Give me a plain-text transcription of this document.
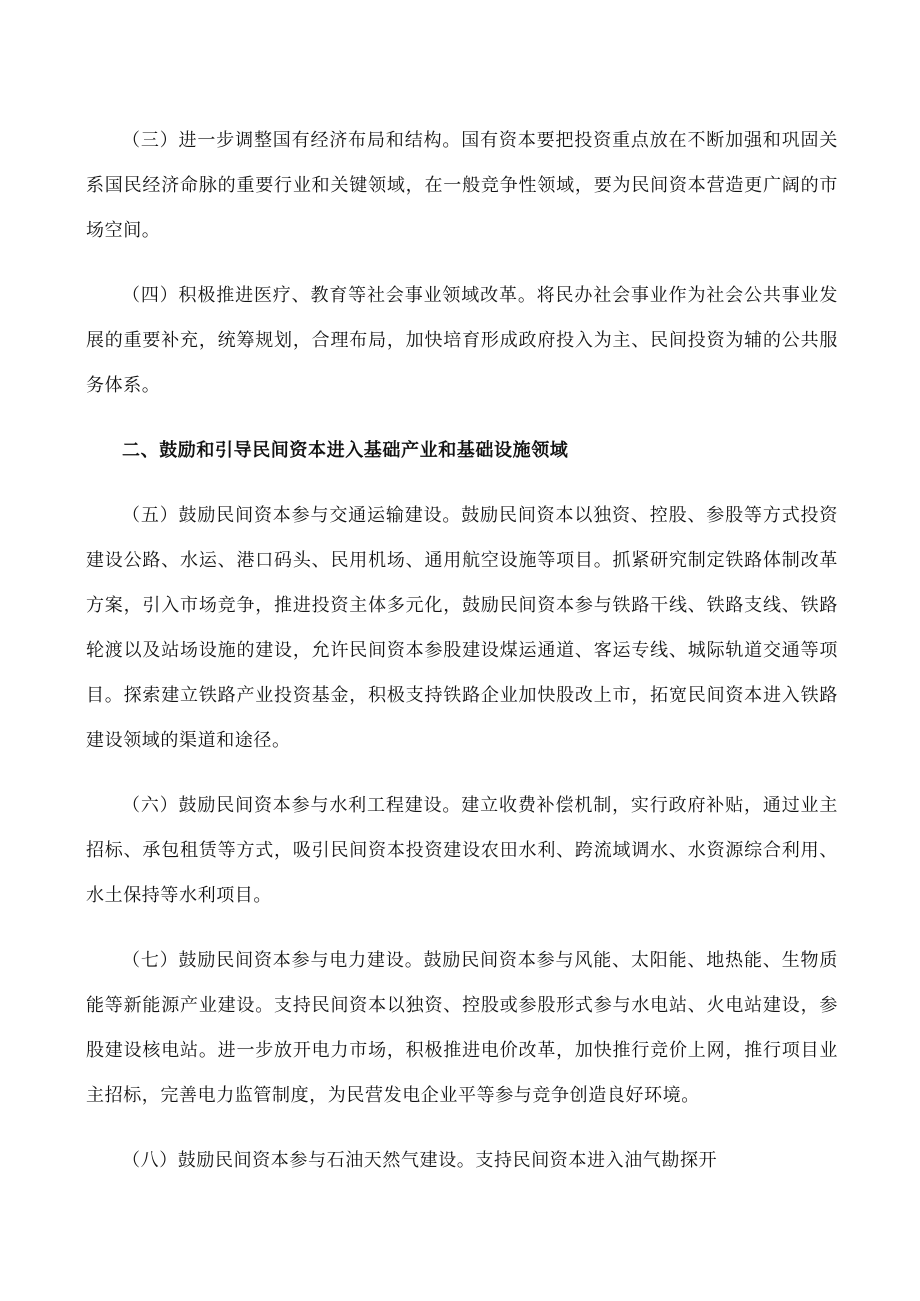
（三）进一步调整国有经济布局和结构。国有资本要把投资重点放在不断加强和巩固关系国民经济命脉的重要行业和关键领域，在一般竞争性领域，要为民间资本营造更广阔的市场空间。

（四）积极推进医疗、教育等社会事业领域改革。将民办社会事业作为社会公共事业发展的重要补充，统筹规划，合理布局，加快培育形成政府投入为主、民间投资为辅的公共服务体系。

二、鼓励和引导民间资本进入基础产业和基础设施领域

（五）鼓励民间资本参与交通运输建设。鼓励民间资本以独资、控股、参股等方式投资建设公路、水运、港口码头、民用机场、通用航空设施等项目。抓紧研究制定铁路体制改革方案，引入市场竞争，推进投资主体多元化，鼓励民间资本参与铁路干线、铁路支线、铁路轮渡以及站场设施的建设，允许民间资本参股建设煤运通道、客运专线、城际轨道交通等项目。探索建立铁路产业投资基金，积极支持铁路企业加快股改上市，拓宽民间资本进入铁路建设领域的渠道和途径。

（六）鼓励民间资本参与水利工程建设。建立收费补偿机制，实行政府补贴，通过业主招标、承包租赁等方式，吸引民间资本投资建设农田水利、跨流域调水、水资源综合利用、水土保持等水利项目。

（七）鼓励民间资本参与电力建设。鼓励民间资本参与风能、太阳能、地热能、生物质能等新能源产业建设。支持民间资本以独资、控股或参股形式参与水电站、火电站建设，参股建设核电站。进一步放开电力市场，积极推进电价改革，加快推行竞价上网，推行项目业主招标，完善电力监管制度，为民营发电企业平等参与竞争创造良好环境。

（八）鼓励民间资本参与石油天然气建设。支持民间资本进入油气勘探开
